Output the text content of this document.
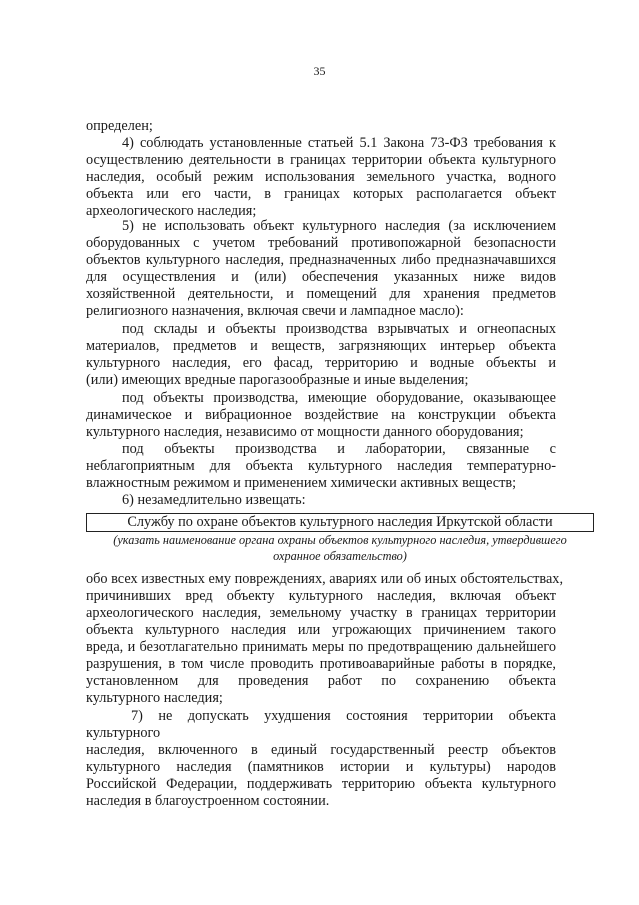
35
определен;
4) соблюдать установленные статьей 5.1 Закона 73-ФЗ требования к
осуществлению деятельности в границах территории объекта культурного
наследия, особый режим использования земельного участка, водного
объекта или его части, в границах которых располагается объект
археологического наследия;
5) не использовать объект культурного наследия (за исключением
оборудованных с учетом требований противопожарной безопасности
объектов культурного наследия, предназначенных либо предназначавшихся
для осуществления и (или) обеспечения указанных ниже видов
хозяйственной деятельности, и помещений для хранения предметов
религиозного назначения, включая свечи и лампадное масло):
под склады и объекты производства взрывчатых и огнеопасных
материалов, предметов и веществ, загрязняющих интерьер объекта
культурного наследия, его фасад, территорию и водные объекты и
(или) имеющих вредные парогазообразные и иные выделения;
под объекты производства, имеющие оборудование, оказывающее
динамическое и вибрационное воздействие на конструкции объекта
культурного наследия, независимо от мощности данного оборудования;
под объекты производства и лаборатории, связанные с
неблагоприятным для объекта культурного наследия температурно-
влажностным режимом и применением химически активных веществ;
6) незамедлительно извещать:
Службу по охране объектов культурного наследия Иркутской области
(указать наименование органа охраны объектов культурного наследия, утвердившего
охранное обязательство)
обо всех известных ему повреждениях, авариях или об иных обстоятельствах,
причинивших вред объекту культурного наследия, включая объект
археологического наследия, земельному участку в границах территории
объекта культурного наследия или угрожающих причинением такого
вреда, и безотлагательно принимать меры по предотвращению дальнейшего
разрушения, в том числе проводить противоаварийные работы в порядке,
установленном для проведения работ по сохранению объекта
культурного наследия;
7) не допускать ухудшения состояния территории объекта
культурного
наследия, включенного в единый государственный реестр объектов
культурного наследия (памятников истории и культуры) народов
Российской Федерации, поддерживать территорию объекта культурного
наследия в благоустроенном состоянии.
